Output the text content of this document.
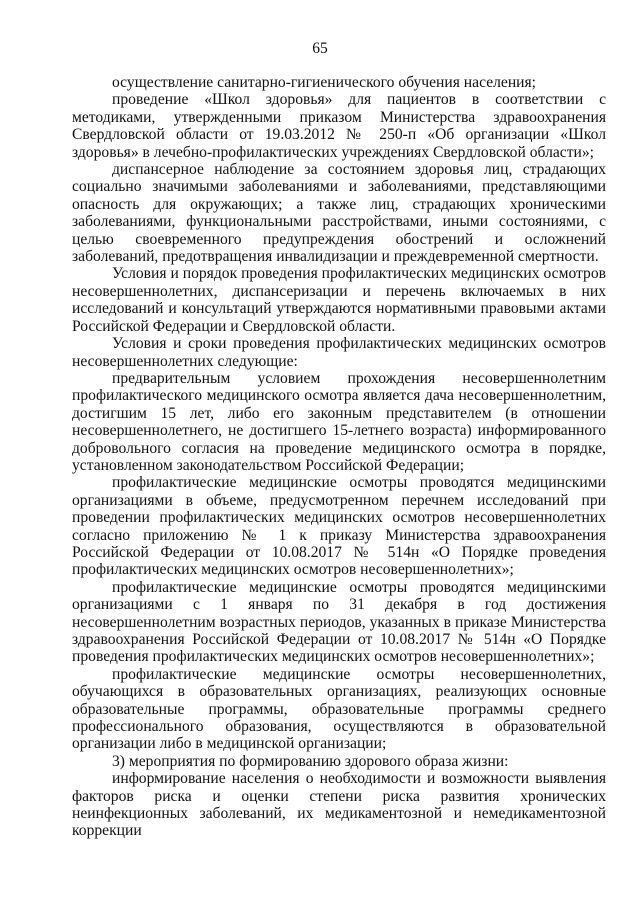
65

осуществление санитарно-гигиенического обучения населения;

проведение «Школ здоровья» для пациентов в соответствии с методиками, утвержденными приказом Министерства здравоохранения Свердловской области от 19.03.2012 № 250-п «Об организации «Школ здоровья» в лечебно-профилактических учреждениях Свердловской области»;

диспансерное наблюдение за состоянием здоровья лиц, страдающих социально значимыми заболеваниями и заболеваниями, представляющими опасность для окружающих; а также лиц, страдающих хроническими заболеваниями, функциональными расстройствами, иными состояниями, с целью своевременного предупреждения обострений и осложнений заболеваний, предотвращения инвалидизации и преждевременной смертности.

Условия и порядок проведения профилактических медицинских осмотров несовершеннолетних, диспансеризации и перечень включаемых в них исследований и консультаций утверждаются нормативными правовыми актами Российской Федерации и Свердловской области.

Условия и сроки проведения профилактических медицинских осмотров несовершеннолетних следующие:

предварительным условием прохождения несовершеннолетним профилактического медицинского осмотра является дача несовершеннолетним, достигшим 15 лет, либо его законным представителем (в отношении несовершеннолетнего, не достигшего 15-летнего возраста) информированного добровольного согласия на проведение медицинского осмотра в порядке, установленном законодательством Российской Федерации;

профилактические медицинские осмотры проводятся медицинскими организациями в объеме, предусмотренном перечнем исследований при проведении профилактических медицинских осмотров несовершеннолетних согласно приложению № 1 к приказу Министерства здравоохранения Российской Федерации от 10.08.2017 № 514н «О Порядке проведения профилактических медицинских осмотров несовершеннолетних»;

профилактические медицинские осмотры проводятся медицинскими организациями с 1 января по 31 декабря в год достижения несовершеннолетним возрастных периодов, указанных в приказе Министерства здравоохранения Российской Федерации от 10.08.2017 № 514н «О Порядке проведения профилактических медицинских осмотров несовершеннолетних»;

профилактические медицинские осмотры несовершеннолетних, обучающихся в образовательных организациях, реализующих основные образовательные программы, образовательные программы среднего профессионального образования, осуществляются в образовательной организации либо в медицинской организации;

3) мероприятия по формированию здорового образа жизни:

информирование населения о необходимости и возможности выявления факторов риска и оценки степени риска развития хронических неинфекционных заболеваний, их медикаментозной и немедикаментозной коррекции
